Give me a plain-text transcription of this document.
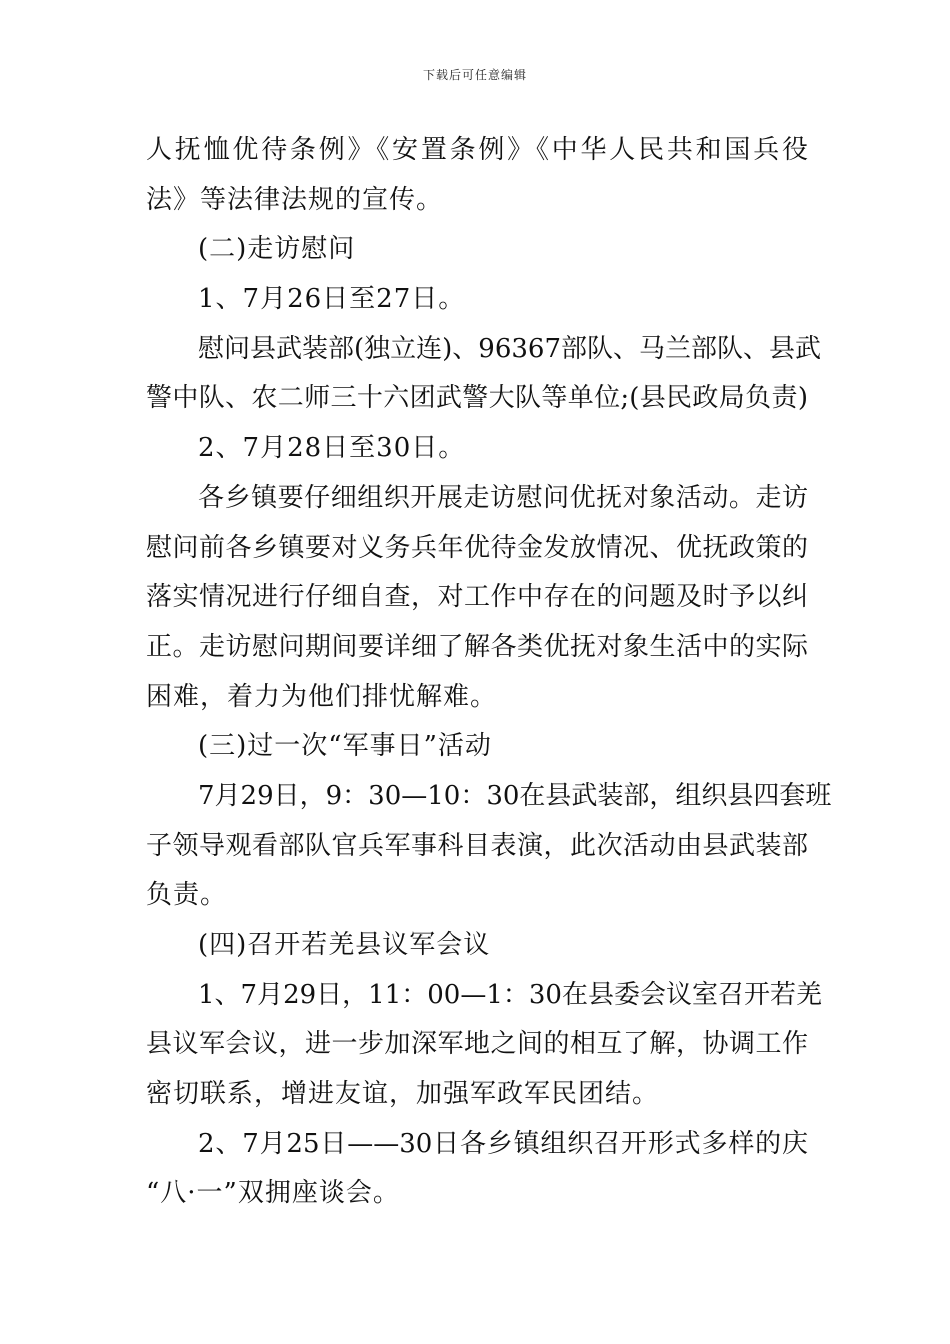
下载后可任意编辑
人抚恤优待条例》《安置条例》《中华人民共和国兵役
法》等法律法规的宣传。
(二)走访慰问
1、7月26日至27日。
慰问县武装部(独立连)、96367部队、马兰部队、县武
警中队、农二师三十六团武警大队等单位;(县民政局负责)
2、7月28日至30日。
各乡镇要仔细组织开展走访慰问优抚对象活动。走访
慰问前各乡镇要对义务兵年优待金发放情况、优抚政策的
落实情况进行仔细自查，对工作中存在的问题及时予以纠
正。走访慰问期间要详细了解各类优抚对象生活中的实际
困难，着力为他们排忧解难。
(三)过一次“军事日”活动
7月29日，9：30—10：30在县武装部，组织县四套班
子领导观看部队官兵军事科目表演，此次活动由县武装部
负责。
(四)召开若羌县议军会议
1、7月29日，11：00—1：30在县委会议室召开若羌
县议军会议，进一步加深军地之间的相互了解，协调工作
密切联系，增进友谊，加强军政军民团结。
2、7月25日——30日各乡镇组织召开形式多样的庆
“八·一”双拥座谈会。
